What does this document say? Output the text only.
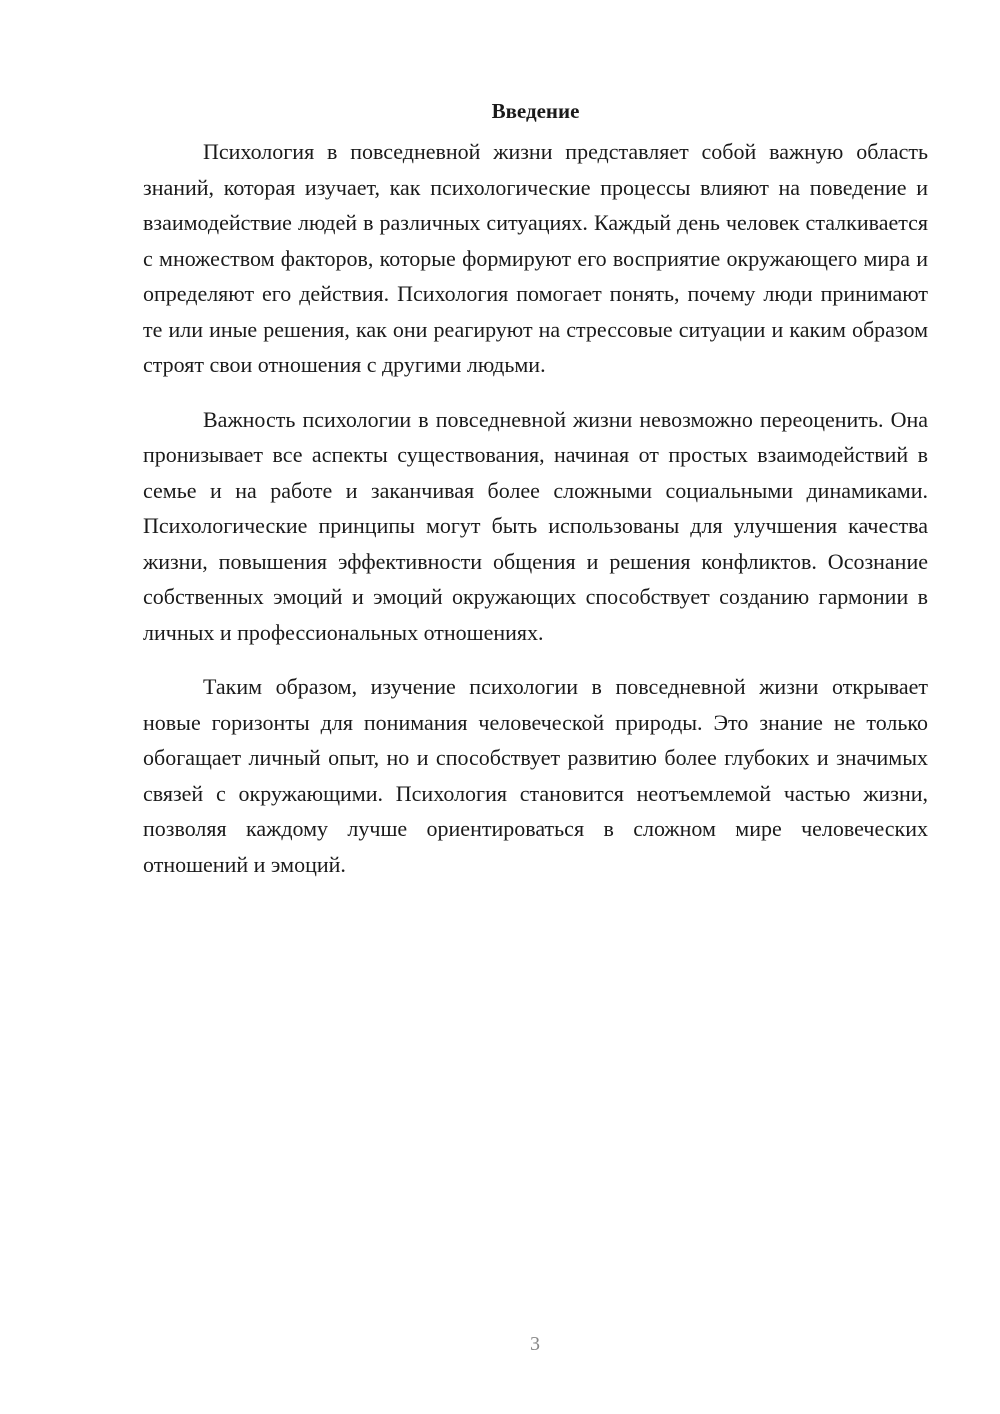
Введение

Психология в повседневной жизни представляет собой важную область знаний, которая изучает, как психологические процессы влияют на поведение и взаимодействие людей в различных ситуациях. Каждый день человек сталкивается с множеством факторов, которые формируют его восприятие окружающего мира и определяют его действия. Психология помогает понять, почему люди принимают те или иные решения, как они реагируют на стрессовые ситуации и каким образом строят свои отношения с другими людьми.

Важность психологии в повседневной жизни невозможно переоценить. Она пронизывает все аспекты существования, начиная от простых взаимодействий в семье и на работе и заканчивая более сложными социальными динамиками. Психологические принципы могут быть использованы для улучшения качества жизни, повышения эффективности общения и решения конфликтов. Осознание собственных эмоций и эмоций окружающих способствует созданию гармонии в личных и профессиональных отношениях.

Таким образом, изучение психологии в повседневной жизни открывает новые горизонты для понимания человеческой природы. Это знание не только обогащает личный опыт, но и способствует развитию более глубоких и значимых связей с окружающими. Психология становится неотъемлемой частью жизни, позволяя каждому лучше ориентироваться в сложном мире человеческих отношений и эмоций.

3
